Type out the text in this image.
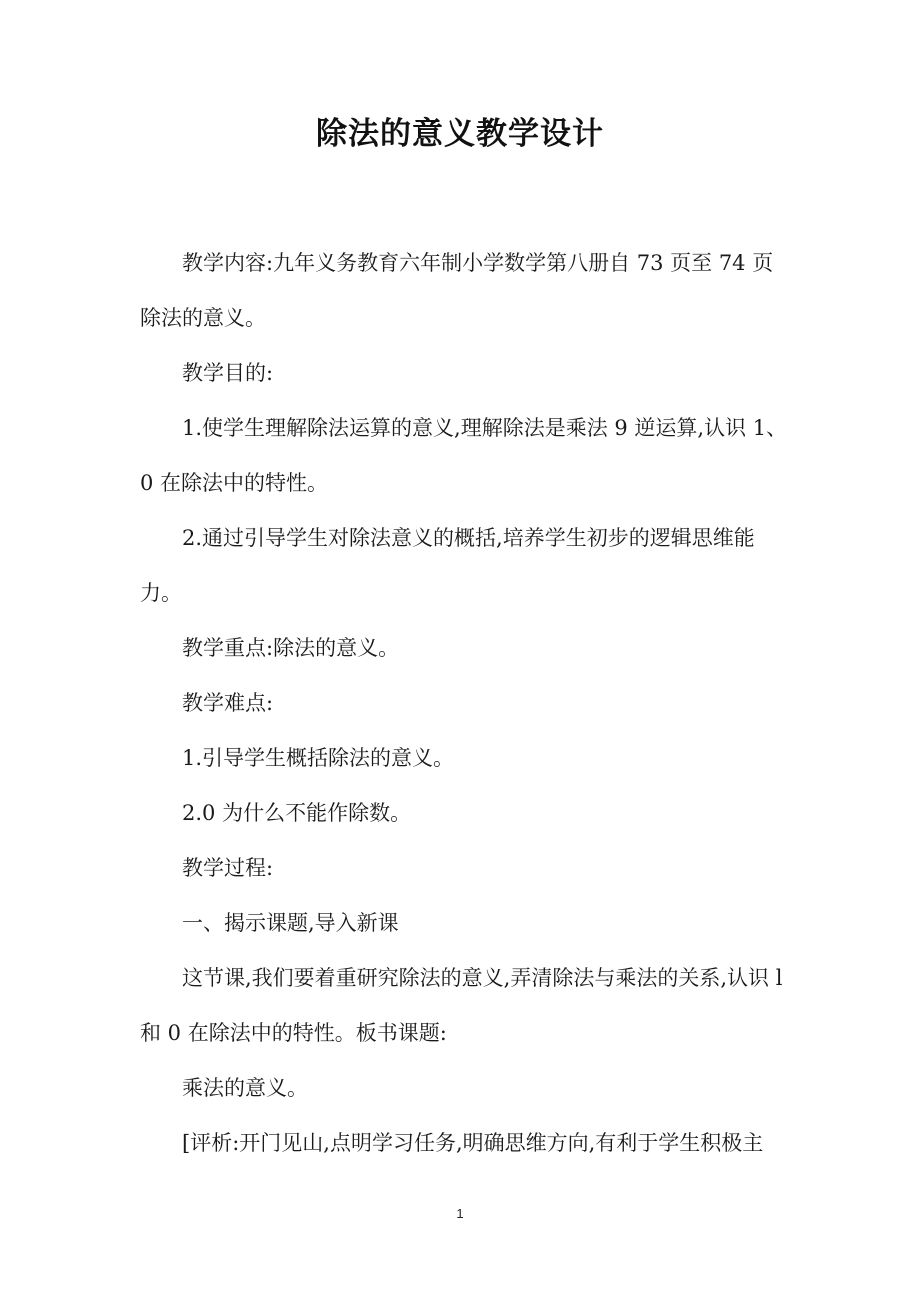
除法的意义教学设计

教学内容:九年义务教育六年制小学数学第八册自 73 页至 74 页除法的意义。

教学目的:

1.使学生理解除法运算的意义,理解除法是乘法 9 逆运算,认识 1、0 在除法中的特性。

2.通过引导学生对除法意义的概括,培养学生初步的逻辑思维能力。

教学重点:除法的意义。

教学难点:

1.引导学生概括除法的意义。

2.0 为什么不能作除数。

教学过程:

一、揭示课题,导入新课

这节课,我们要着重研究除法的意义,弄清除法与乘法的关系,认识 l 和 0 在除法中的特性。板书课题:

乘法的意义。

[评析:开门见山,点明学习任务,明确思维方向,有利于学生积极主

1
